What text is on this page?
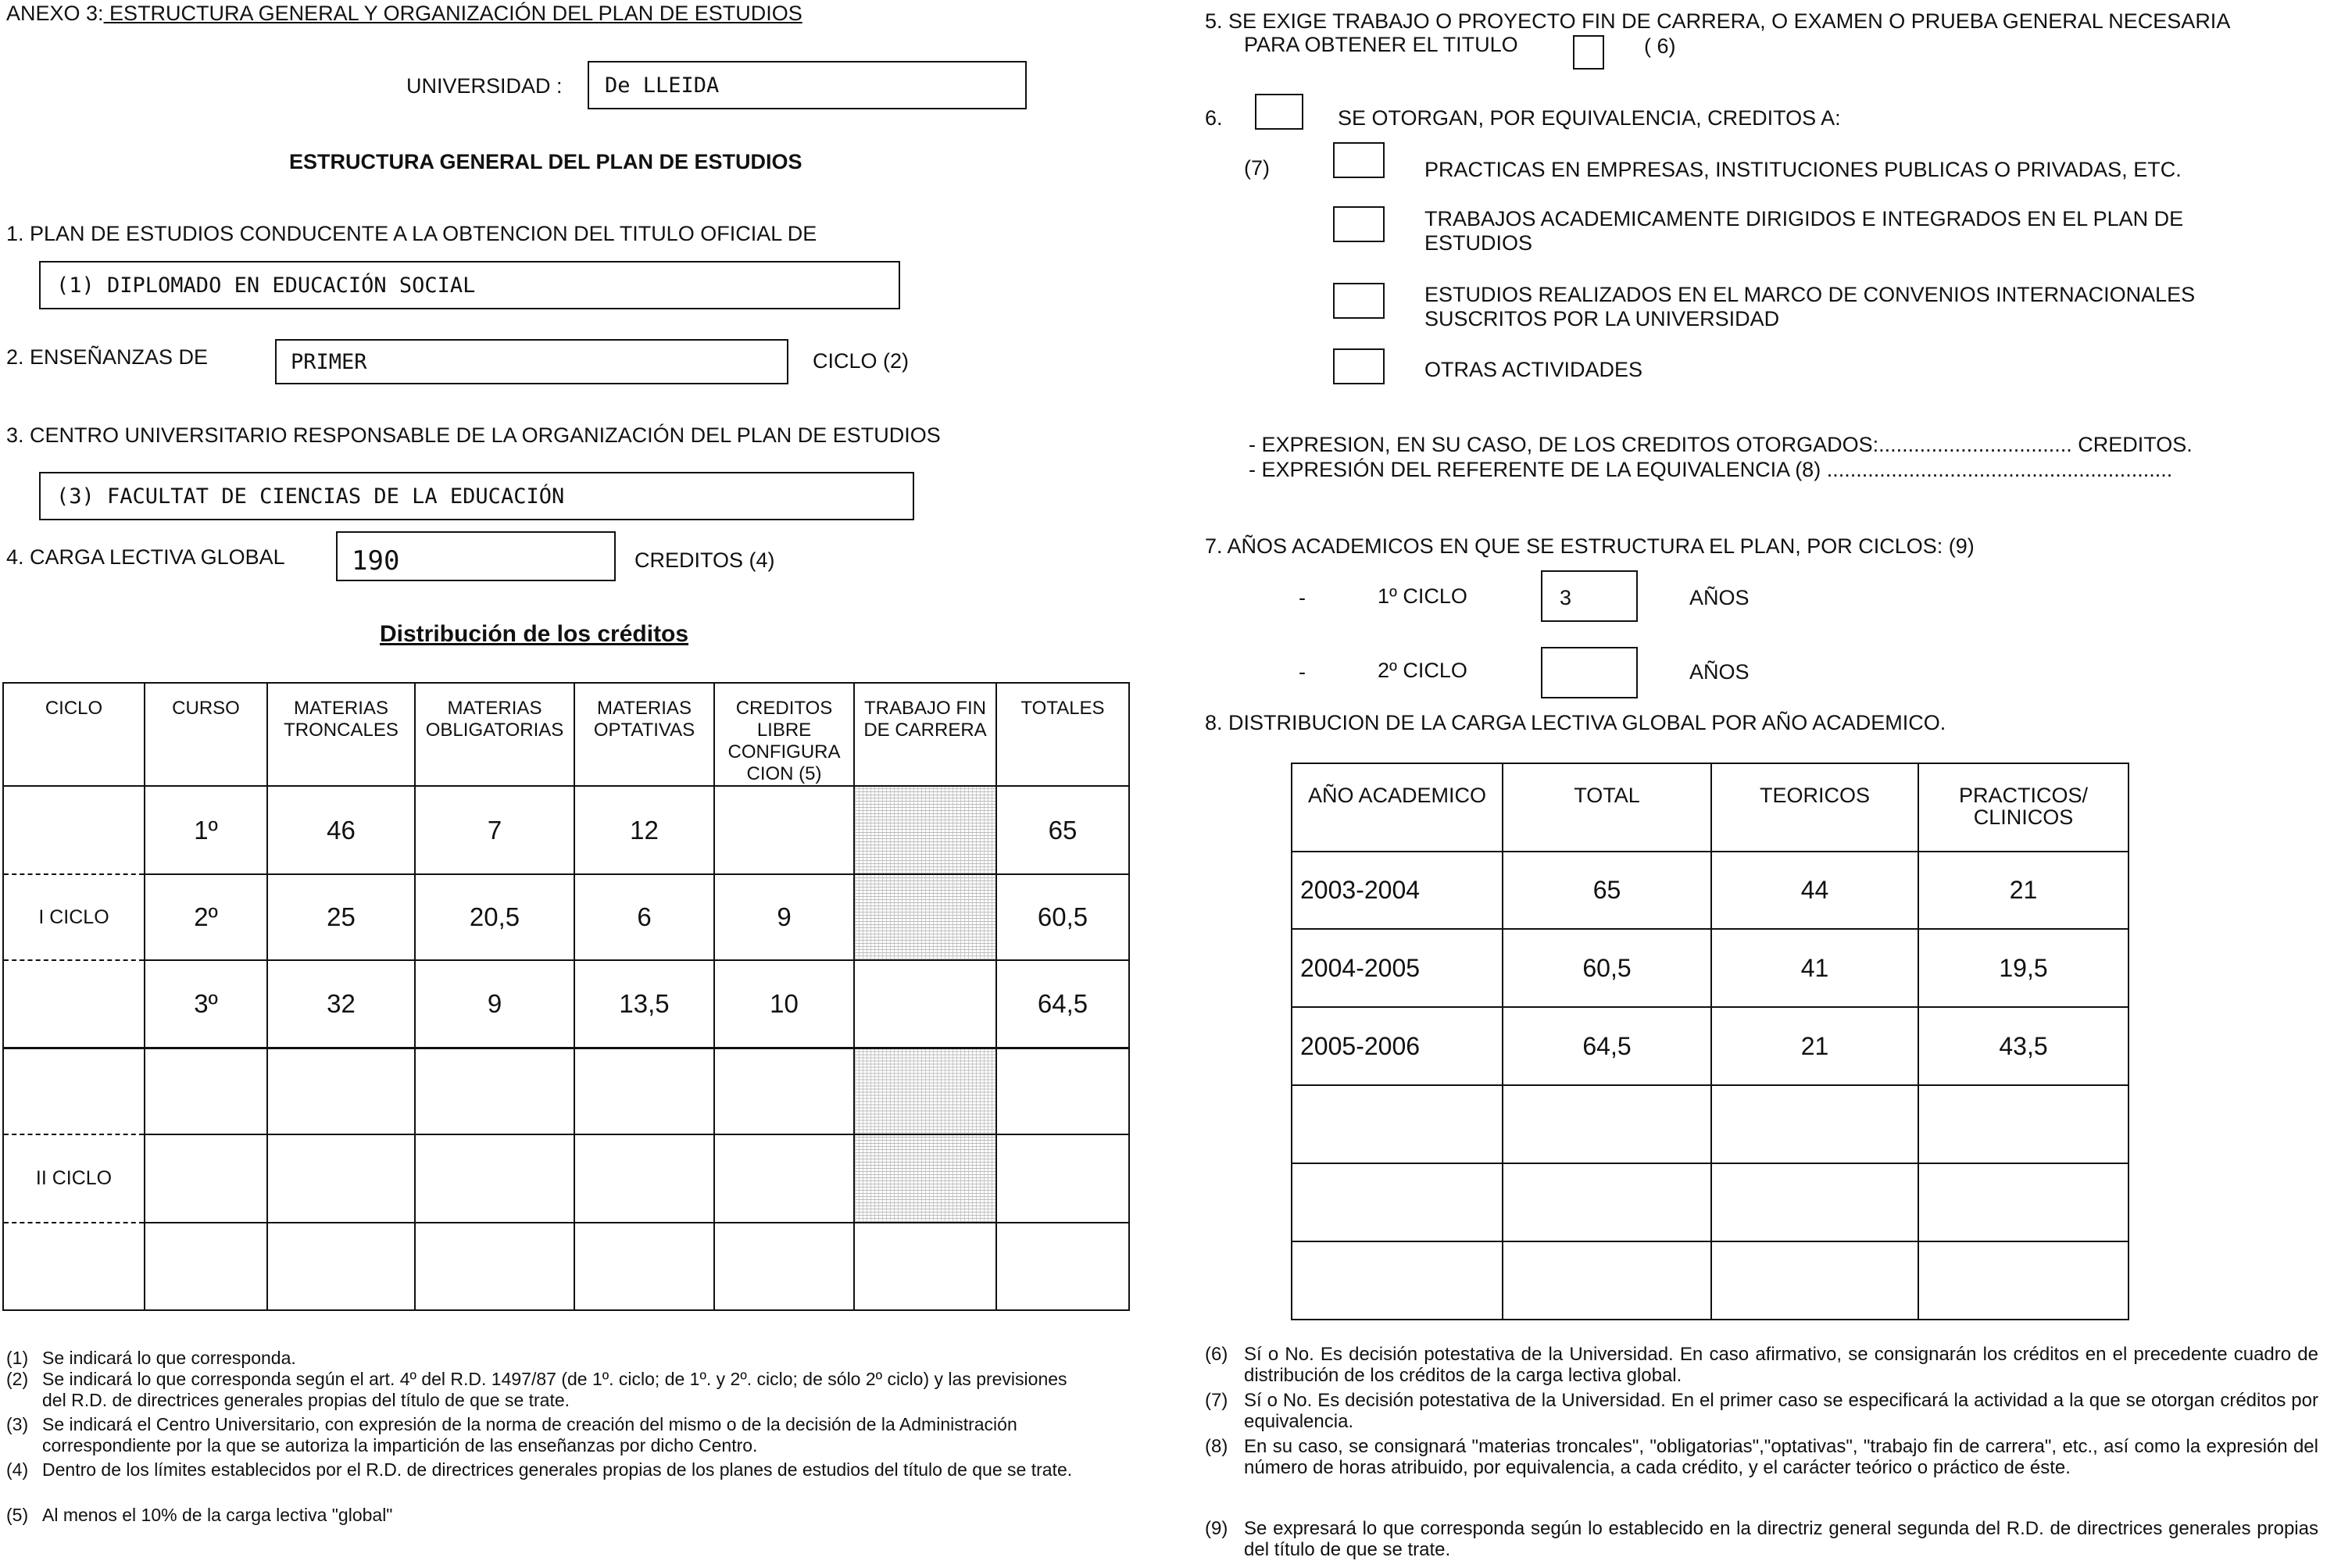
ANEXO 3: ESTRUCTURA GENERAL Y ORGANIZACIÓN DEL PLAN DE ESTUDIOS
UNIVERSIDAD : De LLEIDA
ESTRUCTURA GENERAL DEL PLAN DE ESTUDIOS
1. PLAN DE ESTUDIOS CONDUCENTE A LA OBTENCION DEL TITULO OFICIAL DE
(1) DIPLOMADO EN EDUCACIÓN SOCIAL
2. ENSEÑANZAS DE	PRIMER	CICLO (2)
3. CENTRO UNIVERSITARIO RESPONSABLE DE LA ORGANIZACIÓN DEL PLAN DE ESTUDIOS
(3) FACULTAT DE CIENCIAS DE LA EDUCACIÓN
4. CARGA LECTIVA GLOBAL	190	CREDITOS (4)
Distribución de los créditos
CICLO	CURSO	MATERIAS TRONCALES	MATERIAS OBLIGATORIAS	MATERIAS OPTATIVAS	CREDITOS LIBRE CONFIGURA CION (5)	TRABAJO FIN DE CARRERA	TOTALES
	1º	46	7	12			65
I CICLO	2º	25	20,5	6	9		60,5
	3º	32	9	13,5	10		64,5

II CICLO							

(1) Se indicará lo que corresponda.
(2) Se indicará lo que corresponda según el art. 4º del R.D. 1497/87 (de 1º. ciclo; de 1º. y 2º. ciclo; de sólo 2º ciclo) y las previsiones del R.D. de directrices generales propias del título de que se trate.
(3) Se indicará el Centro Universitario, con expresión de la norma de creación del mismo o de la decisión de la Administración correspondiente por la que se autoriza la impartición de las enseñanzas por dicho Centro.
(4) Dentro de los límites establecidos por el R.D. de directrices generales propias de los planes de estudios del título de que se trate.
(5) Al menos el 10% de la carga lectiva "global"
5. SE EXIGE TRABAJO O PROYECTO FIN DE CARRERA, O EXAMEN O PRUEBA GENERAL NECESARIA
PARA OBTENER EL TITULO	( 6)
6.	SE OTORGAN, POR EQUIVALENCIA, CREDITOS A:
(7)	PRACTICAS EN EMPRESAS, INSTITUCIONES PUBLICAS O PRIVADAS, ETC.
TRABAJOS ACADEMICAMENTE DIRIGIDOS E INTEGRADOS EN EL PLAN DE ESTUDIOS
ESTUDIOS REALIZADOS EN EL MARCO DE CONVENIOS INTERNACIONALES SUSCRITOS POR LA UNIVERSIDAD
OTRAS ACTIVIDADES
- EXPRESION, EN SU CASO, DE LOS CREDITOS OTORGADOS:................................. CREDITOS.
- EXPRESIÓN DEL REFERENTE DE LA EQUIVALENCIA (8) ...........................................................
7. AÑOS ACADEMICOS EN QUE SE ESTRUCTURA EL PLAN, POR CICLOS: (9)
-	1º CICLO	3	AÑOS
-	2º CICLO	AÑOS
8. DISTRIBUCION DE LA CARGA LECTIVA GLOBAL POR AÑO ACADEMICO.
AÑO ACADEMICO	TOTAL	TEORICOS	PRACTICOS/ CLINICOS
2003-2004	65	44	21
2004-2005	60,5	41	19,5
2005-2006	64,5	21	43,5

(6) Sí o No. Es decisión potestativa de la Universidad. En caso afirmativo, se consignarán los créditos en el precedente cuadro de distribución de los créditos de la carga lectiva global.
(7) Sí o No. Es decisión potestativa de la Universidad. En el primer caso se especificará la actividad a la que se otorgan créditos por equivalencia.
(8) En su caso, se consignará "materias troncales", "obligatorias","optativas", "trabajo fin de carrera", etc., así como la expresión del número de horas atribuido, por equivalencia, a cada crédito, y el carácter teórico o práctico de éste.
(9) Se expresará lo que corresponda según lo establecido en la directriz general segunda del R.D. de directrices generales propias del título de que se trate.
